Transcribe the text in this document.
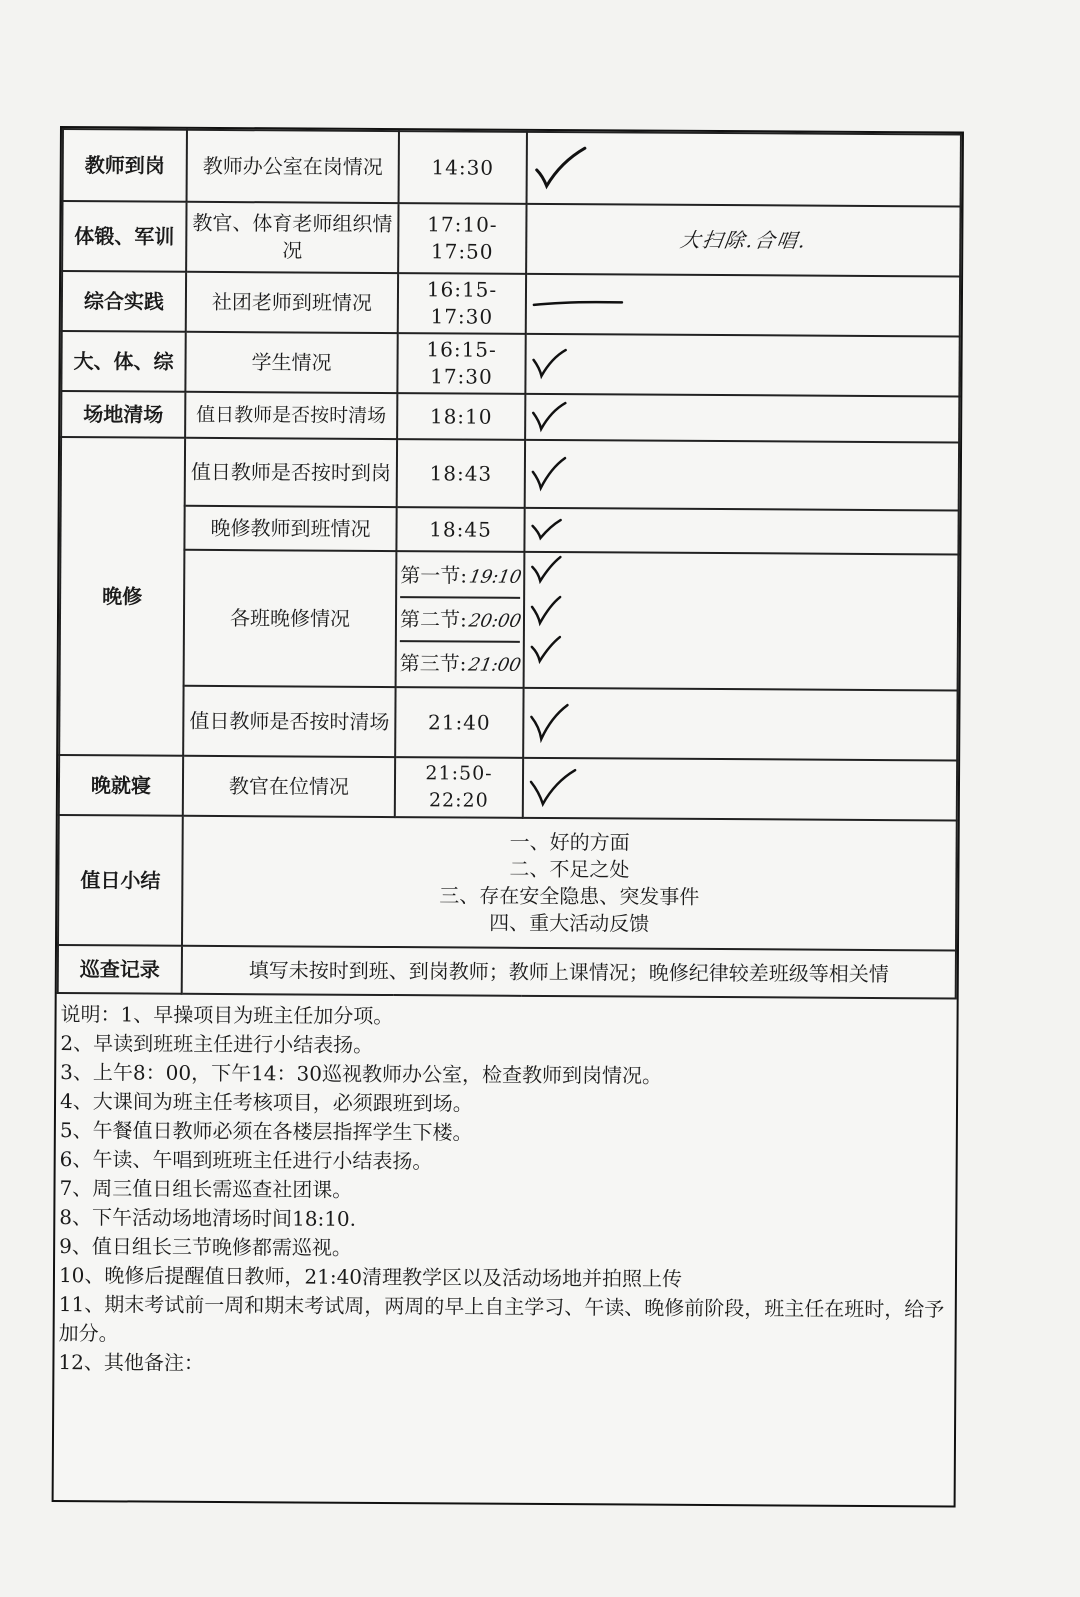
教师到岗	教师办公室在岗情况	14:30	

体锻、军训	教官、体育老师组织情况	17:10-17:50	大扫除.合唱.
综合实践	社团老师到班情况	16:15-17:30	

大、体、综	学生情况	16:15-17:30	

场地清场	值日教师是否按时清场	18:10	

晚修	值日教师是否按时到岗	18:43	

	晚修教师到班情况	18:45	

	各班晚修情况	第一节:19:10
第二节:20:00
第三节:21:00

	值日教师是否按时清场	21:40	

晚就寝	教官在位情况	21:50-22:20	

值日小结	一、好的方面
二、不足之处
三、存在安全隐患、突发事件
四、重大活动反馈		

巡查记录	填写未按时到班、到岗教师；教师上课情况；晚修纪律较差班级等相关情		

说明：1、早操项目为班主任加分项。

2、早读到班班主任进行小结表扬。

3、上午8：00，下午14：30巡视教师办公室，检查教师到岗情况。

4、大课间为班主任考核项目，必须跟班到场。

5、午餐值日教师必须在各楼层指挥学生下楼。

6、午读、午唱到班班主任进行小结表扬。

7、周三值日组长需巡查社团课。

8、下午活动场地清场时间18:10.

9、值日组长三节晚修都需巡视。

10、晚修后提醒值日教师，21:40清理教学区以及活动场地并拍照上传

11、期末考试前一周和期末考试周，两周的早上自主学习、午读、晚修前阶段，班主任在班时，给予加分。

12、其他备注：
